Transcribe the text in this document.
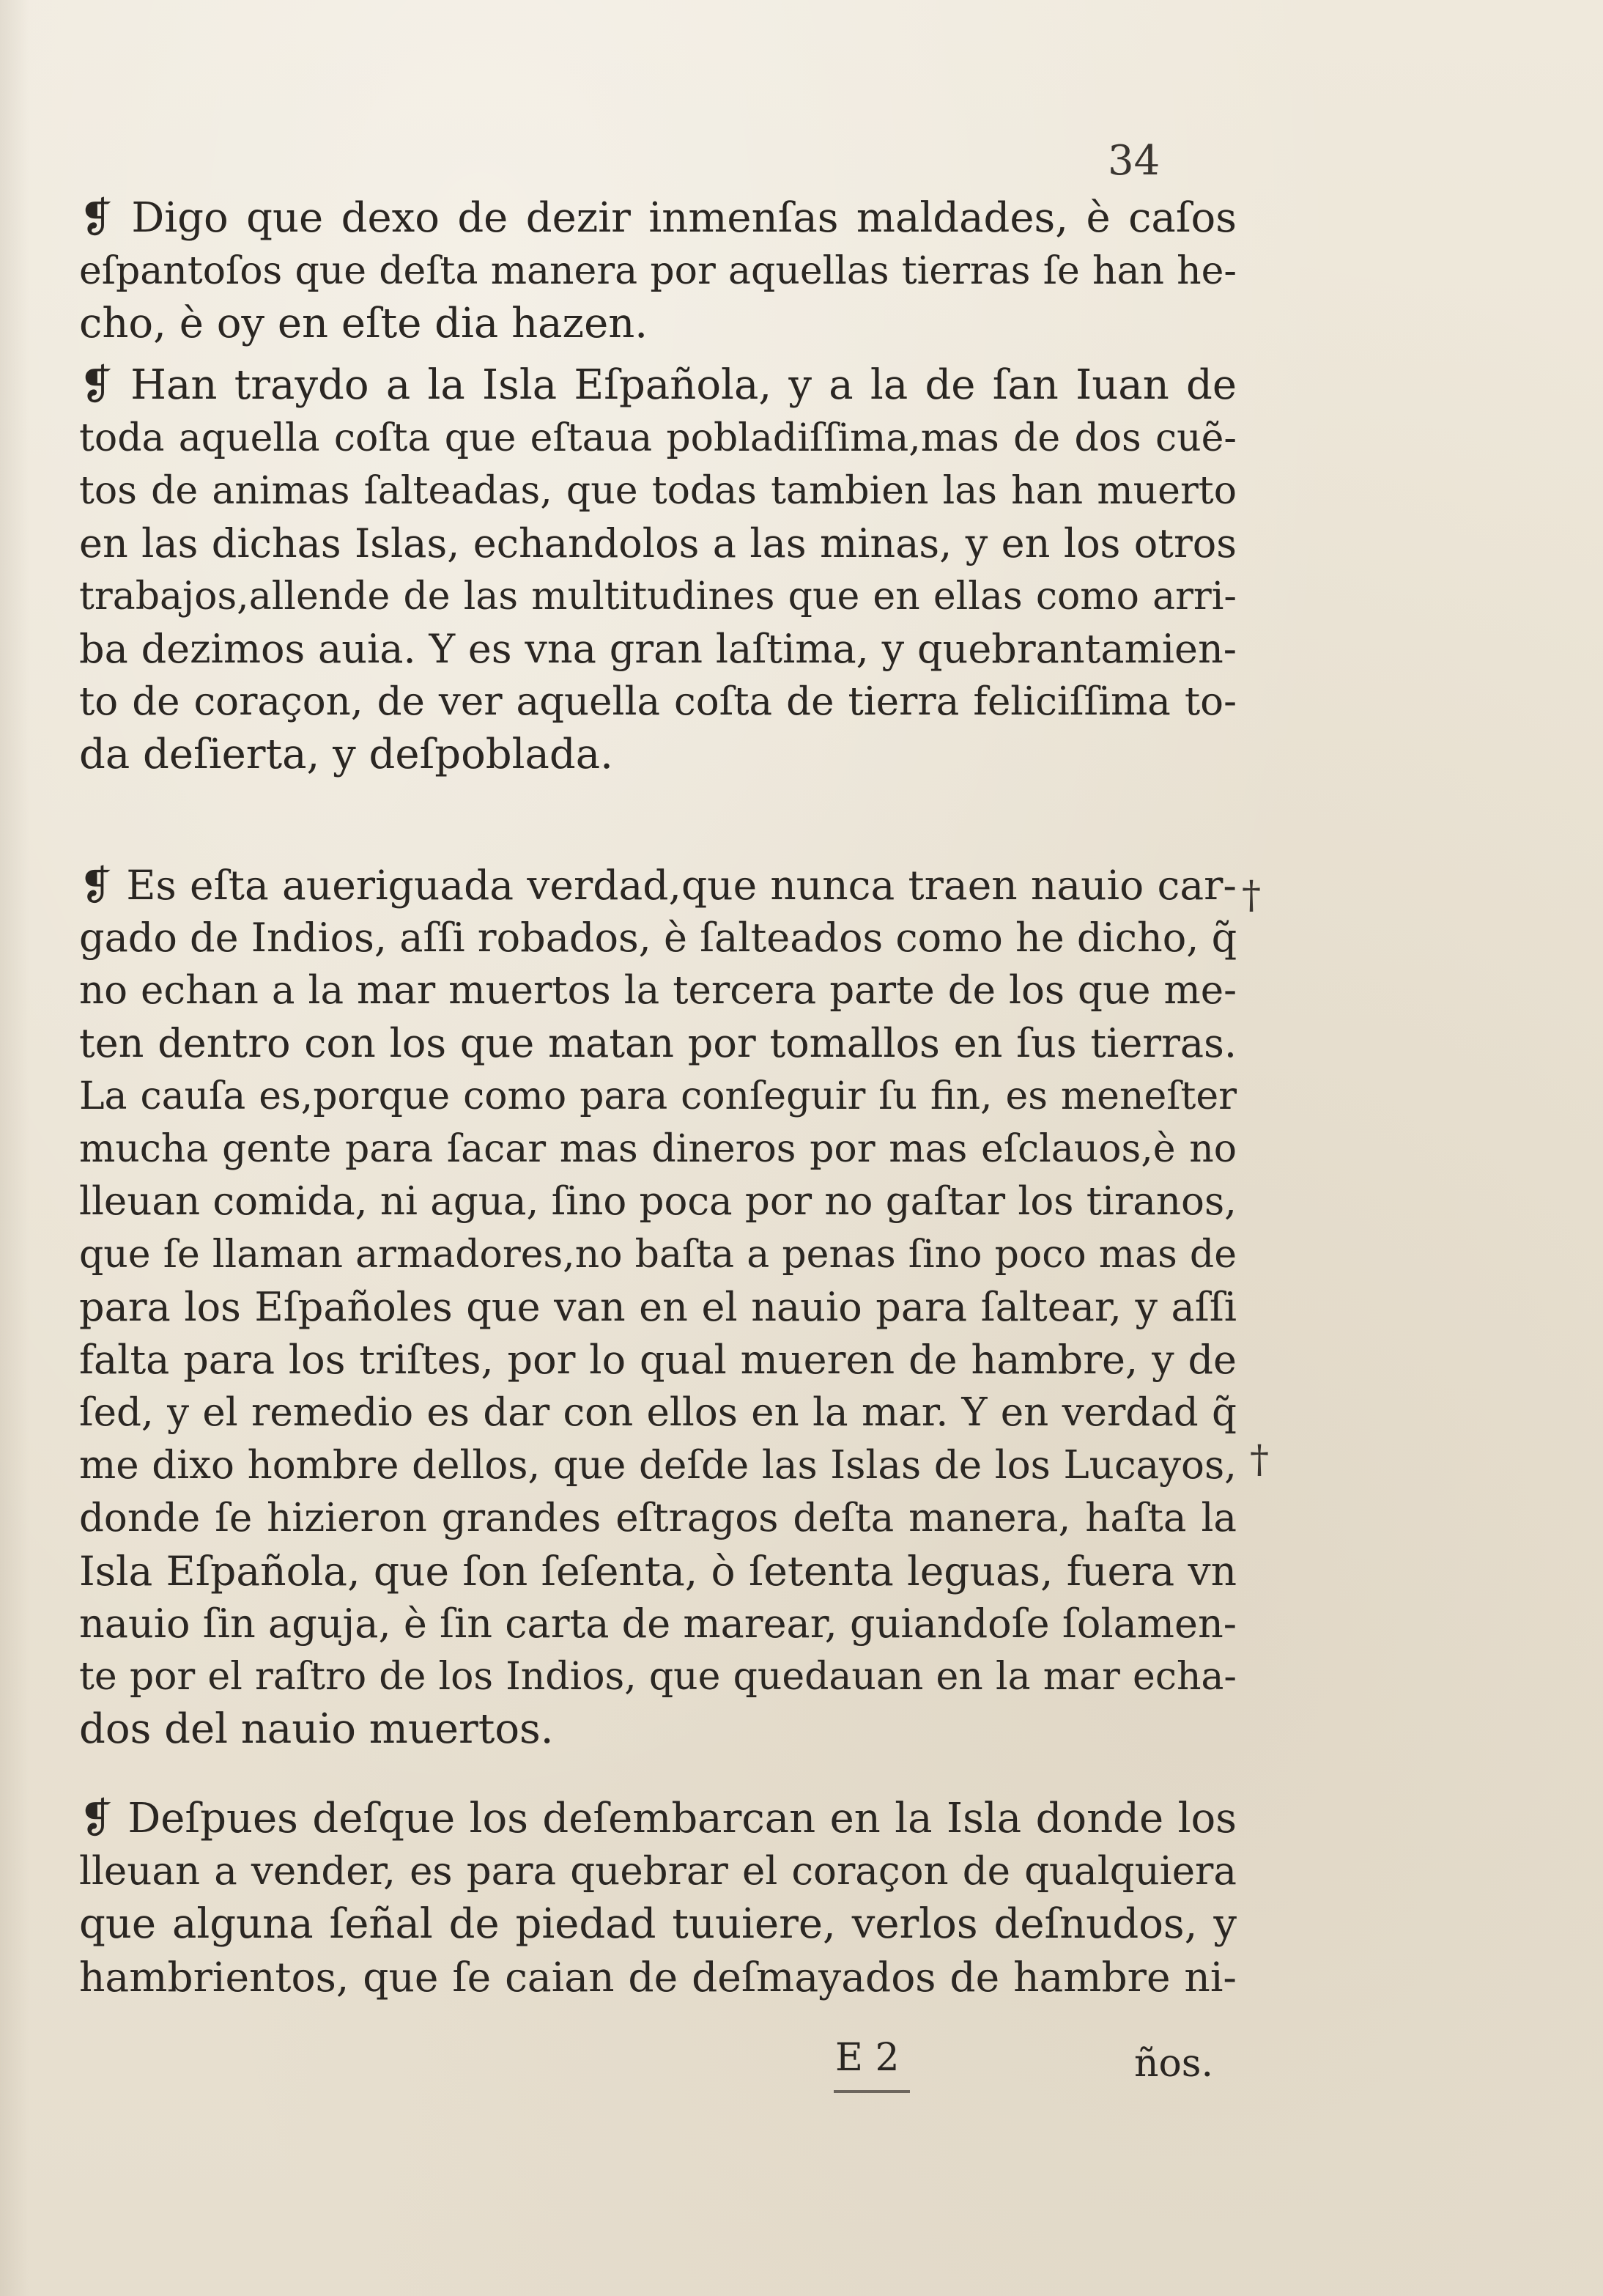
34
❡ Digo que dexo de dezir inmenſas maldades, è caſos
eſpantoſos que deſta manera por aquellas tierras ſe han he-
cho, è oy en eſte dia hazen.
❡ Han traydo a la Isla Eſpañola, y a la de ſan Iuan de
toda aquella coſta que eſtaua pobladiſſima,mas de dos cuẽ-
tos de animas ſalteadas, que todas tambien las han muerto
en las dichas Islas, echandolos a las minas, y en los otros
trabajos,allende de las multitudines que en ellas como arri-
ba dezimos auia. Y es vna gran laſtima, y quebrantamien-
to de coraçon, de ver aquella coſta de tierra feliciſſima to-
da deſierta, y deſpoblada.
❡ Es eſta aueriguada verdad,que nunca traen nauio car-
gado de Indios, aſſi robados, è ſalteados como he dicho, q̃
no echan a la mar muertos la tercera parte de los que me-
ten dentro con los que matan por tomallos en ſus tierras.
La cauſa es,porque como para conſeguir ſu fin, es meneſter
mucha gente para ſacar mas dineros por mas eſclauos,è no
lleuan comida, ni agua, ſino poca por no gaſtar los tiranos,
que ſe llaman armadores,no baſta a penas ſino poco mas de
para los Eſpañoles que van en el nauio para ſaltear, y aſſi
falta para los triſtes, por lo qual mueren de hambre, y de
ſed, y el remedio es dar con ellos en la mar. Y en verdad q̃
me dixo hombre dellos, que deſde las Islas de los Lucayos,
donde ſe hizieron grandes eſtragos deſta manera, haſta la
Isla Eſpañola, que ſon ſeſenta, ò ſetenta leguas, fuera vn
nauio ſin aguja, è ſin carta de marear, guiandoſe ſolamen-
te por el raſtro de los Indios, que quedauan en la mar echa-
dos del nauio muertos.
❡ Deſpues deſque los deſembarcan en la Isla donde los
lleuan a vender, es para quebrar el coraçon de qualquiera
que alguna ſeñal de piedad tuuiere, verlos deſnudos, y
hambrientos, que ſe caian de deſmayados de hambre ni-
†
†
E 2	ños.
